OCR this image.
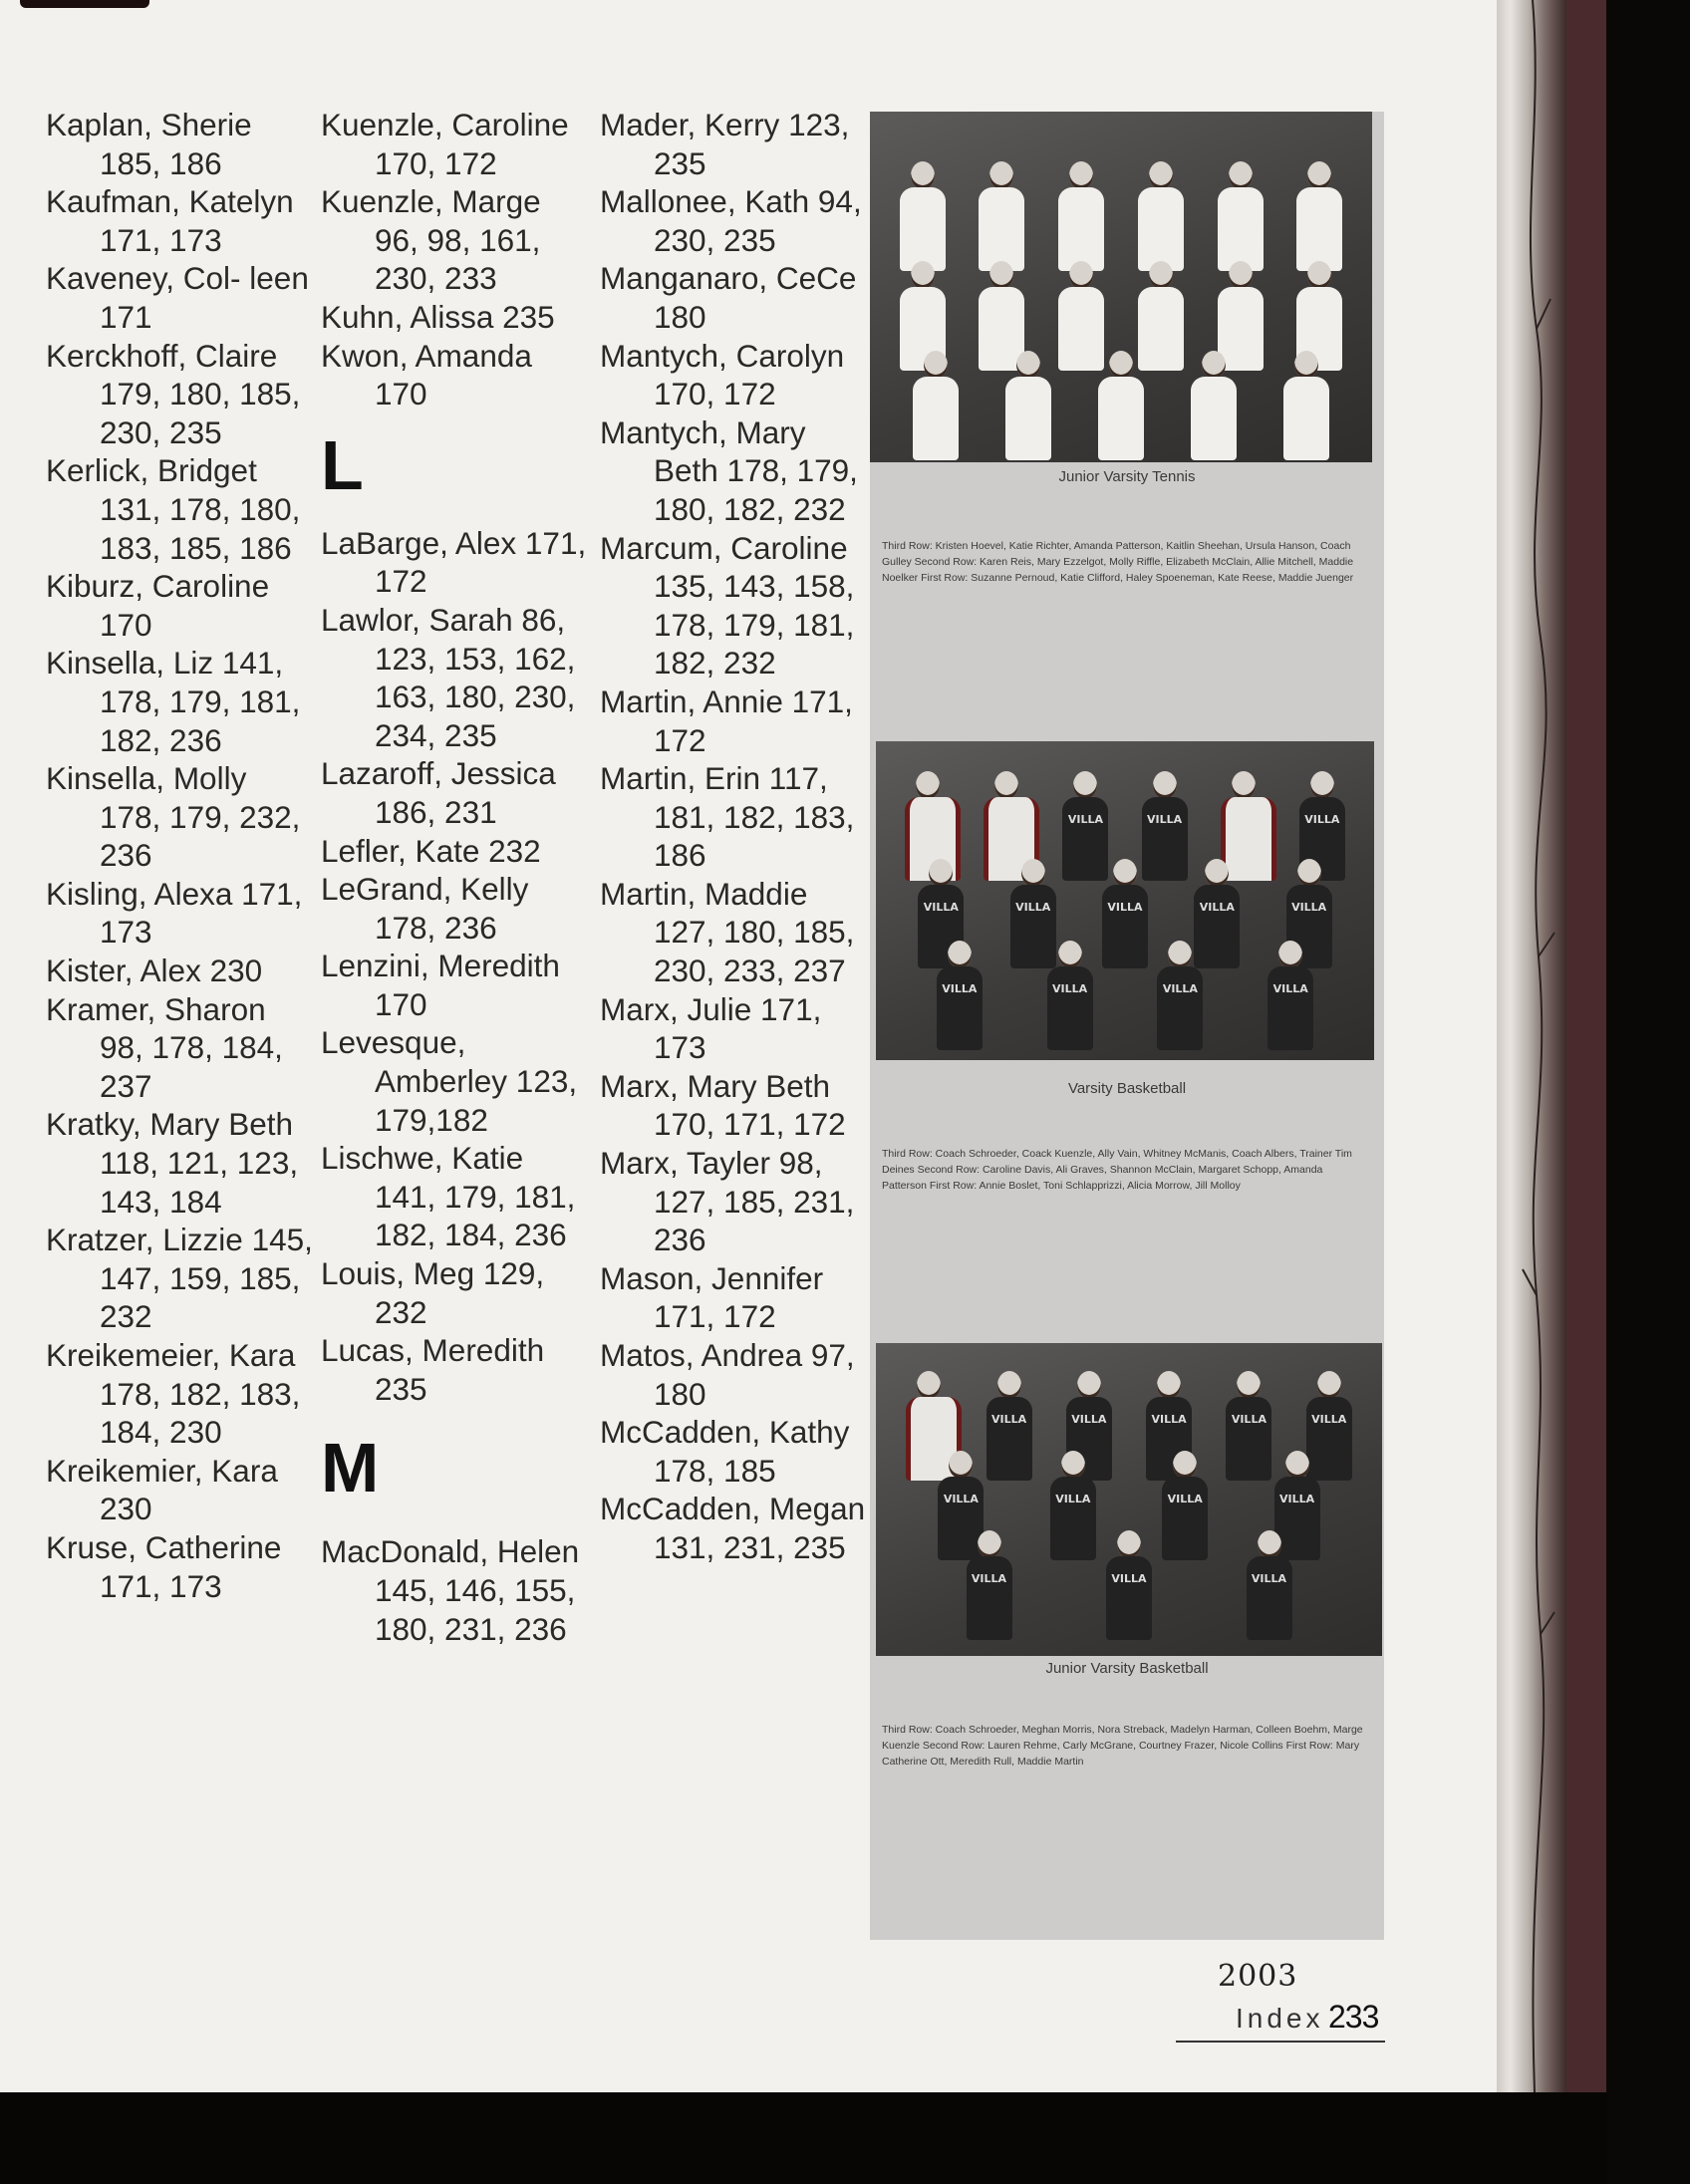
Kaplan, Sherie 185, 186

Kaufman, Katelyn 171, 173

Kaveney, Col- leen 171

Kerckhoff, Claire 179, 180, 185, 230, 235

Kerlick, Bridget 131, 178, 180, 183, 185, 186

Kiburz, Caroline 170

Kinsella, Liz 141, 178, 179, 181, 182, 236

Kinsella, Molly 178, 179, 232, 236

Kisling, Alexa 171, 173

Kister, Alex 230

Kramer, Sharon 98, 178, 184, 237

Kratky, Mary Beth 118, 121, 123, 143, 184

Kratzer, Lizzie 145, 147, 159, 185, 232

Kreikemeier, Kara 178, 182, 183, 184, 230

Kreikemier, Kara 230

Kruse, Catherine 171, 173

Kuenzle, Caroline 170, 172

Kuenzle, Marge 96, 98, 161, 230, 233

Kuhn, Alissa 235

Kwon, Amanda 170

L

LaBarge, Alex 171, 172

Lawlor, Sarah 86, 123, 153, 162, 163, 180, 230, 234, 235

Lazaroff, Jessica 186, 231

Lefler, Kate 232

LeGrand, Kelly 178, 236

Lenzini, Meredith 170

Levesque, Amberley 123, 179,182

Lischwe, Katie 141, 179, 181, 182, 184, 236

Louis, Meg 129, 232

Lucas, Meredith 235

M

MacDonald, Helen 145, 146, 155, 180, 231, 236

Mader, Kerry 123, 235

Mallonee, Kath 94, 230, 235

Manganaro, CeCe 180

Mantych, Carolyn 170, 172

Mantych, Mary Beth 178, 179, 180, 182, 232

Marcum, Caroline 135, 143, 158, 178, 179, 181, 182, 232

Martin, Annie 171, 172

Martin, Erin 117, 181, 182, 183, 186

Martin, Maddie 127, 180, 185, 230, 233, 237

Marx, Julie 171, 173

Marx, Mary Beth 170, 171, 172

Marx, Tayler 98, 127, 185, 231, 236

Mason, Jennifer 171, 172

Matos, Andrea 97, 180

McCadden, Kathy 178, 185

McCadden, Megan 131, 231, 235

Junior Varsity Tennis
Third Row: Kristen Hoevel, Katie Richter, Amanda Patterson, Kaitlin Sheehan, Ursula Hanson, Coach Gulley Second Row: Karen Reis, Mary Ezzelgot, Molly Riffle, Elizabeth McClain, Allie Mitchell, Maddie Noelker First Row: Suzanne Pernoud, Katie Clifford, Haley Spoeneman, Kate Reese, Maddie Juenger
VILLA
VILLA
VILLA
VILLA
VILLA
VILLA
VILLA
VILLA
VILLA
VILLA
VILLA
VILLA
Varsity Basketball
Third Row: Coach Schroeder, Coack Kuenzle, Ally Vain, Whitney McManis, Coach Albers, Trainer Tim Deines Second Row: Caroline Davis, Ali Graves, Shannon McClain, Margaret Schopp, Amanda Patterson First Row: Annie Boslet, Toni Schlapprizzi, Alicia Morrow, Jill Molloy
VILLA
VILLA
VILLA
VILLA
VILLA
VILLA
VILLA
VILLA
VILLA
VILLA
VILLA
VILLA
Junior Varsity Basketball
Third Row: Coach Schroeder, Meghan Morris, Nora Streback, Madelyn Harman, Colleen Boehm, Marge Kuenzle Second Row: Lauren Rehme, Carly McGrane, Courtney Frazer, Nicole Collins First Row: Mary Catherine Ott, Meredith Rull, Maddie Martin
2003
Index 233
